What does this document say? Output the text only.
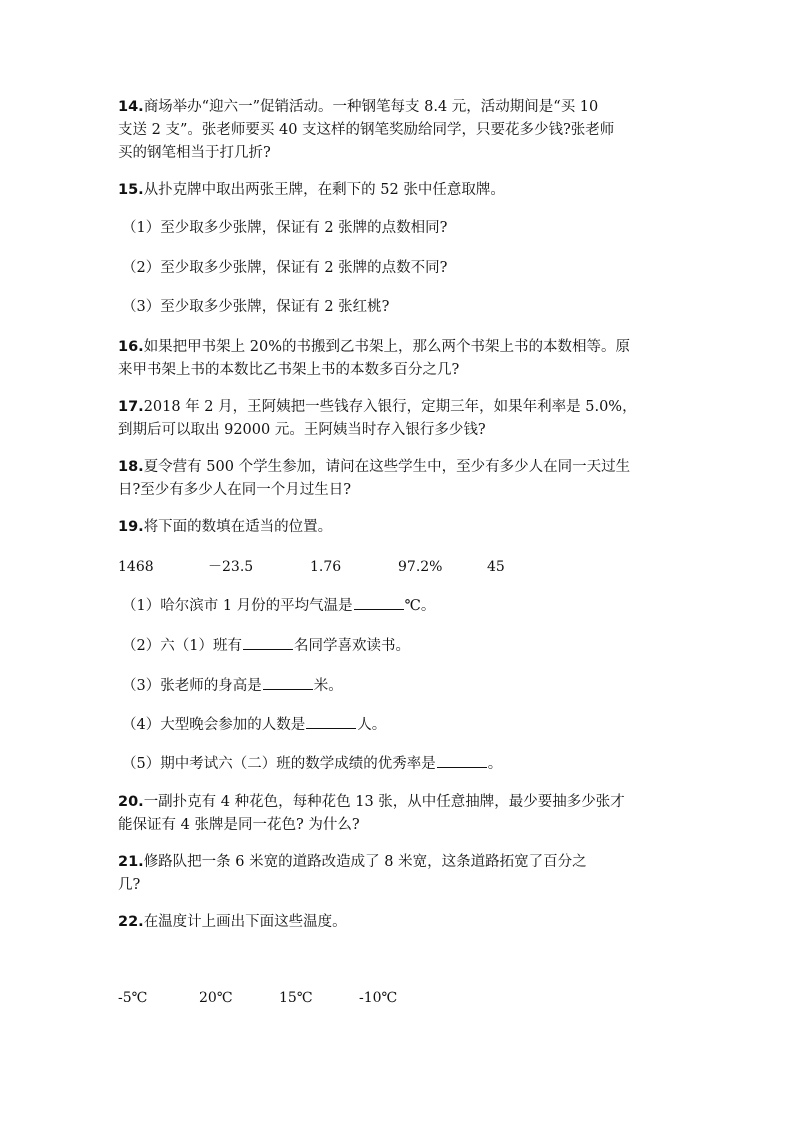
14.商场举办“迎六一”促销活动。一种钢笔每支 8.4 元，活动期间是“买 10
支送 2 支”。张老师要买 40 支这样的钢笔奖励给同学，只要花多少钱?张老师
买的钢笔相当于打几折?
15.从扑克牌中取出两张王牌，在剩下的 52 张中任意取牌。
（1）至少取多少张牌，保证有 2 张牌的点数相同?
（2）至少取多少张牌，保证有 2 张牌的点数不同?
（3）至少取多少张牌，保证有 2 张红桃?
16.如果把甲书架上 20%的书搬到乙书架上，那么两个书架上书的本数相等。原
来甲书架上书的本数比乙书架上书的本数多百分之几?
17.2018 年 2 月，王阿姨把一些钱存入银行，定期三年，如果年利率是 5.0%，
到期后可以取出 92000 元。王阿姨当时存入银行多少钱?
18.夏令营有 500 个学生参加，请问在这些学生中，至少有多少人在同一天过生
日?至少有多少人在同一个月过生日?
19.将下面的数填在适当的位置。
1468	－23.5	1.76	97.2%	45
（1）哈尔滨市 1 月份的平均气温是	℃。
（2）六（1）班有	名同学喜欢读书。
（3）张老师的身高是	米。
（4）大型晚会参加的人数是	人。
（5）期中考试六（二）班的数学成绩的优秀率是	。
20.一副扑克有 4 种花色，每种花色 13 张，从中任意抽牌，最少要抽多少张才
能保证有 4 张牌是同一花色? 为什么?
21.修路队把一条 6 米宽的道路改造成了 8 米宽，这条道路拓宽了百分之
几?
22.在温度计上画出下面这些温度。
-5℃	20℃	15℃	-10℃
